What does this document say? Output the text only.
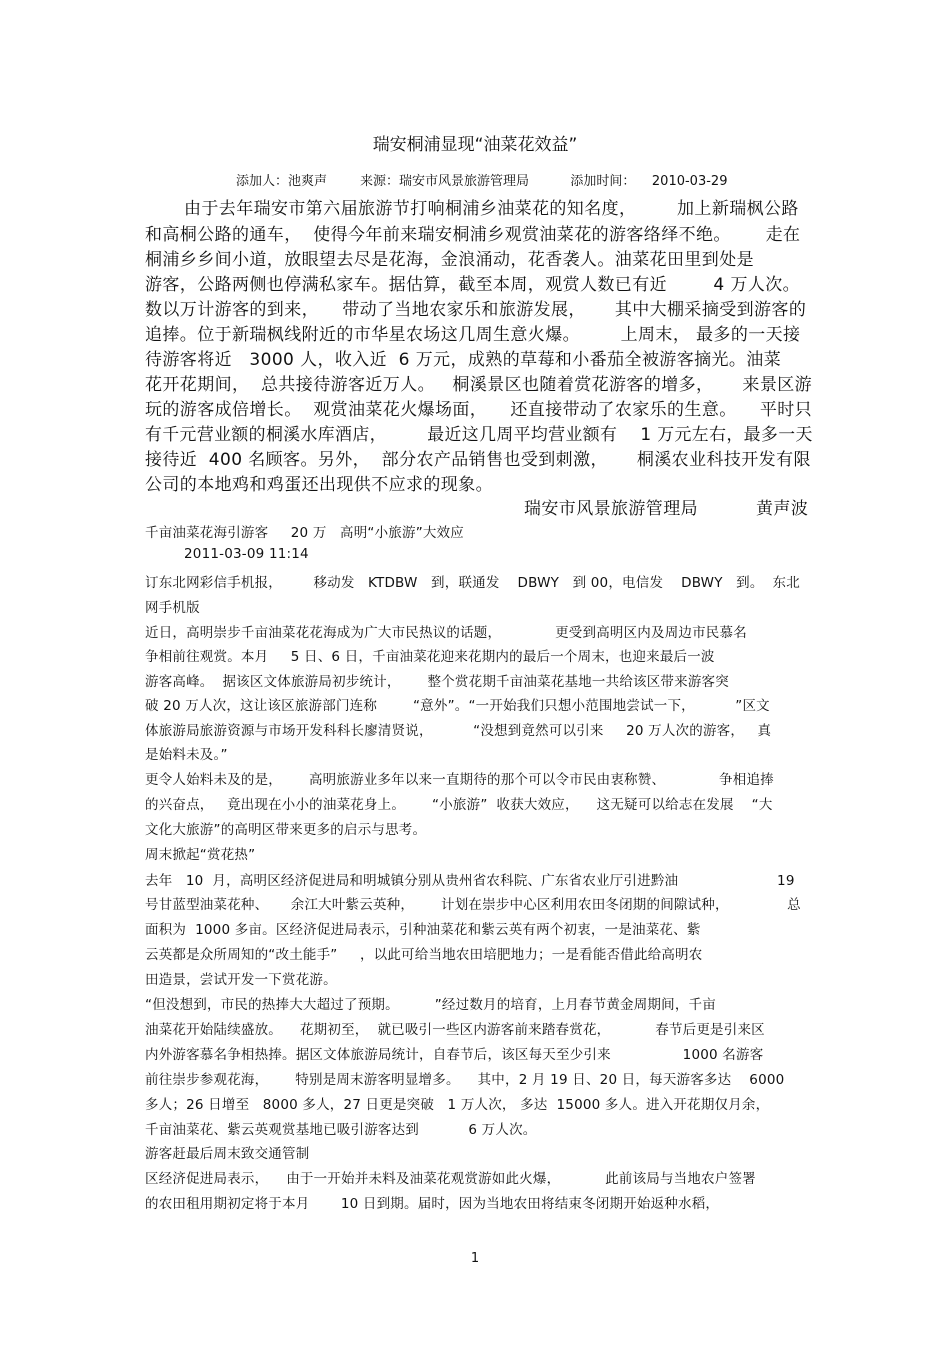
瑞安桐浦显现“油菜花效益”
添加人：池爽声        来源：瑞安市风景旅游管理局          添加时间：    2010-03-29
由于去年瑞安市第六届旅游节打响桐浦乡油菜花的知名度，       加上新瑞枫公路
和高桐公路的通车，  使得今年前来瑞安桐浦乡观赏油菜花的游客络绎不绝。      走在
桐浦乡乡间小道，放眼望去尽是花海，金浪涌动，花香袭人。油菜花田里到处是
游客，公路两侧也停满私家车。据估算，截至本周，观赏人数已有近        4 万人次。
数以万计游客的到来，    带动了当地农家乐和旅游发展，     其中大棚采摘受到游客的
追捧。位于新瑞枫线附近的市华星农场这几周生意火爆。       上周末， 最多的一天接
待游客将近   3000 人，收入近  6 万元，成熟的草莓和小番茄全被游客摘光。油菜
花开花期间，  总共接待游客近万人。   桐溪景区也随着赏花游客的增多，     来景区游
玩的游客成倍增长。  观赏油菜花火爆场面，    还直接带动了农家乐的生意。    平时只
有千元营业额的桐溪水库酒店，       最近这几周平均营业额有    1 万元左右，最多一天
接待近  400 名顾客。另外，  部分农产品销售也受到刺激，     桐溪农业科技开发有限
公司的本地鸡和鸡蛋还出现供不应求的现象。
瑞安市风景旅游管理局          黄声波
千亩油菜花海引游客     20 万   高明“小旅游”大效应
2011-03-09 11:14
订东北网彩信手机报，       移动发   KTDBW   到，联通发    DBWY   到 00，电信发    DBWY   到。  东北
网手机版
近日，高明崇步千亩油菜花花海成为广大市民热议的话题，            更受到高明区内及周边市民慕名
争相前往观赏。本月     5 日、6 日，千亩油菜花迎来花期内的最后一个周末，也迎来最后一波
游客高峰。  据该区文体旅游局初步统计，      整个赏花期千亩油菜花基地一共给该区带来游客突
破 20 万人次，这让该区旅游部门连称        “意外”。“一开始我们只想小范围地尝试一下，         ”区文
体旅游局旅游资源与市场开发科科长廖清贤说，         “没想到竟然可以引来     20 万人次的游客，   真
是始料未及。”
更令人始料未及的是，      高明旅游业多年以来一直期待的那个可以令市民由衷称赞、            争相追捧
的兴奋点，   竟出现在小小的油菜花身上。      “小旅游”  收获大效应，    这无疑可以给志在发展    “大
文化大旅游”的高明区带来更多的启示与思考。
周末掀起“赏花热”
去年   10  月，高明区经济促进局和明城镇分别从贵州省农科院、广东省农业厅引进黔油                      19
号甘蓝型油菜花种、     余江大叶紫云英种，      计划在崇步中心区利用农田冬闭期的间隙试种，             总
面积为  1000 多亩。区经济促进局表示，引种油菜花和紫云英有两个初衷，一是油菜花、紫
云英都是众所周知的“改土能手”     ，以此可给当地农田培肥地力；一是看能否借此给高明农
田造景，尝试开发一下赏花游。
“但没想到，市民的热捧大大超过了预期。        ”经过数月的培育，上月春节黄金周期间，千亩
油菜花开始陆续盛放。    花期初至，  就已吸引一些区内游客前来踏春赏花，          春节后更是引来区
内外游客慕名争相热捧。据区文体旅游局统计，自春节后，该区每天至少引来                1000 名游客
前往崇步参观花海，      特别是周末游客明显增多。    其中，2 月 19 日、20 日，每天游客多达    6000
多人；26 日增至   8000 多人，27 日更是突破   1 万人次， 多达  15000 多人。进入开花期仅月余，
千亩油菜花、紫云英观赏基地已吸引游客达到           6 万人次。
游客赶最后周末致交通管制
区经济促进局表示，    由于一开始并未料及油菜花观赏游如此火爆，          此前该局与当地农户签署
的农田租用期初定将于本月       10 日到期。届时，因为当地农田将结束冬闭期开始返种水稻，
1
